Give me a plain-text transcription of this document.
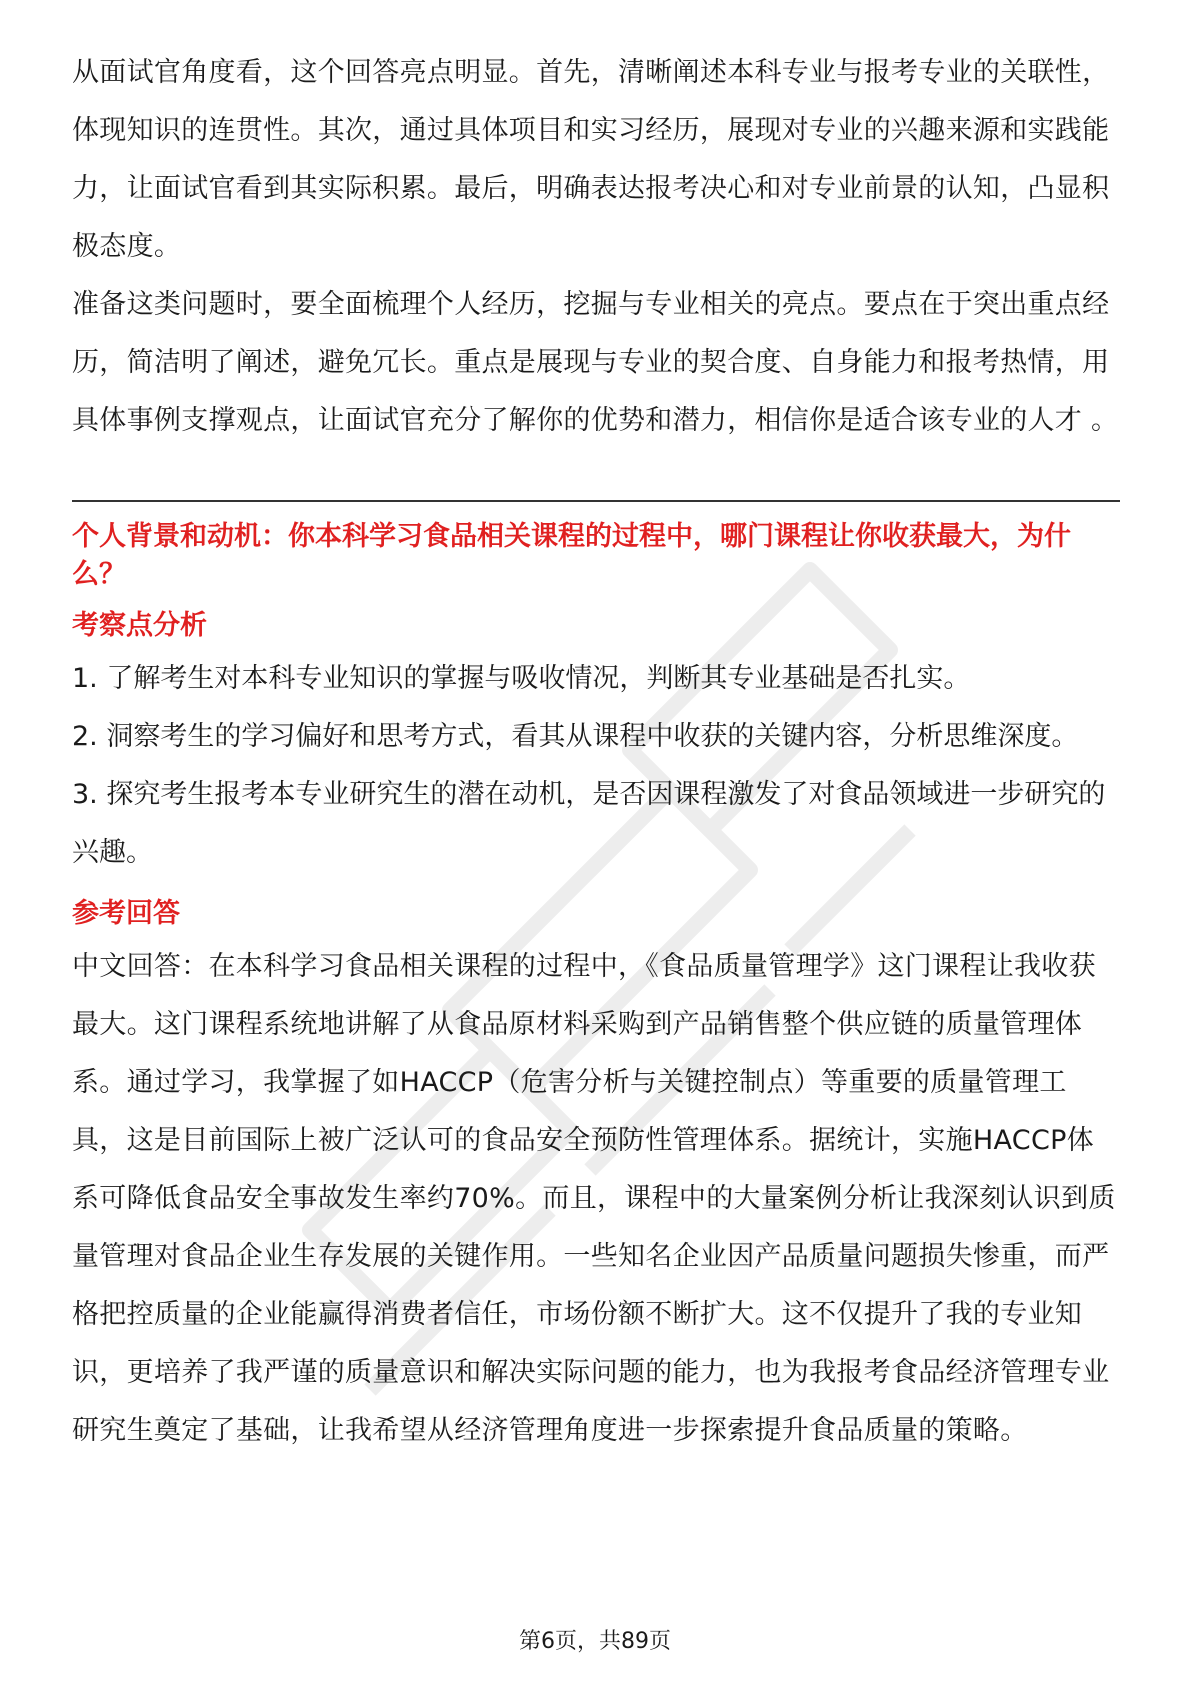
从面试官角度看，这个回答亮点明显。首先，清晰阐述本科专业与报考专业的关联性，体现知识的连贯性。其次，通过具体项目和实习经历，展现对专业的兴趣来源和实践能力，让面试官看到其实际积累。最后，明确表达报考决心和对专业前景的认知，凸显积极态度。

准备这类问题时，要全面梳理个人经历，挖掘与专业相关的亮点。要点在于突出重点经历，简洁明了阐述，避免冗长。重点是展现与专业的契合度、自身能力和报考热情，用具体事例支撑观点，让面试官充分了解你的优势和潜力，相信你是适合该专业的人才 。

个人背景和动机：你本科学习食品相关课程的过程中，哪门课程让你收获最大，为什么？

考察点分析

1. 了解考生对本科专业知识的掌握与吸收情况，判断其专业基础是否扎实。

2. 洞察考生的学习偏好和思考方式，看其从课程中收获的关键内容，分析思维深度。

3. 探究考生报考本专业研究生的潜在动机，是否因课程激发了对食品领域进一步研究的兴趣。

参考回答

中文回答：在本科学习食品相关课程的过程中，《食品质量管理学》这门课程让我收获最大。这门课程系统地讲解了从食品原材料采购到产品销售整个供应链的质量管理体系。通过学习，我掌握了如HACCP（危害分析与关键控制点）等重要的质量管理工具，这是目前国际上被广泛认可的食品安全预防性管理体系。据统计，实施HACCP体系可降低食品安全事故发生率约70%。而且，课程中的大量案例分析让我深刻认识到质量管理对食品企业生存发展的关键作用。一些知名企业因产品质量问题损失惨重，而严格把控质量的企业能赢得消费者信任，市场份额不断扩大。这不仅提升了我的专业知识，更培养了我严谨的质量意识和解决实际问题的能力，也为我报考食品经济管理专业研究生奠定了基础，让我希望从经济管理角度进一步探索提升食品质量的策略。

第6页，共89页
